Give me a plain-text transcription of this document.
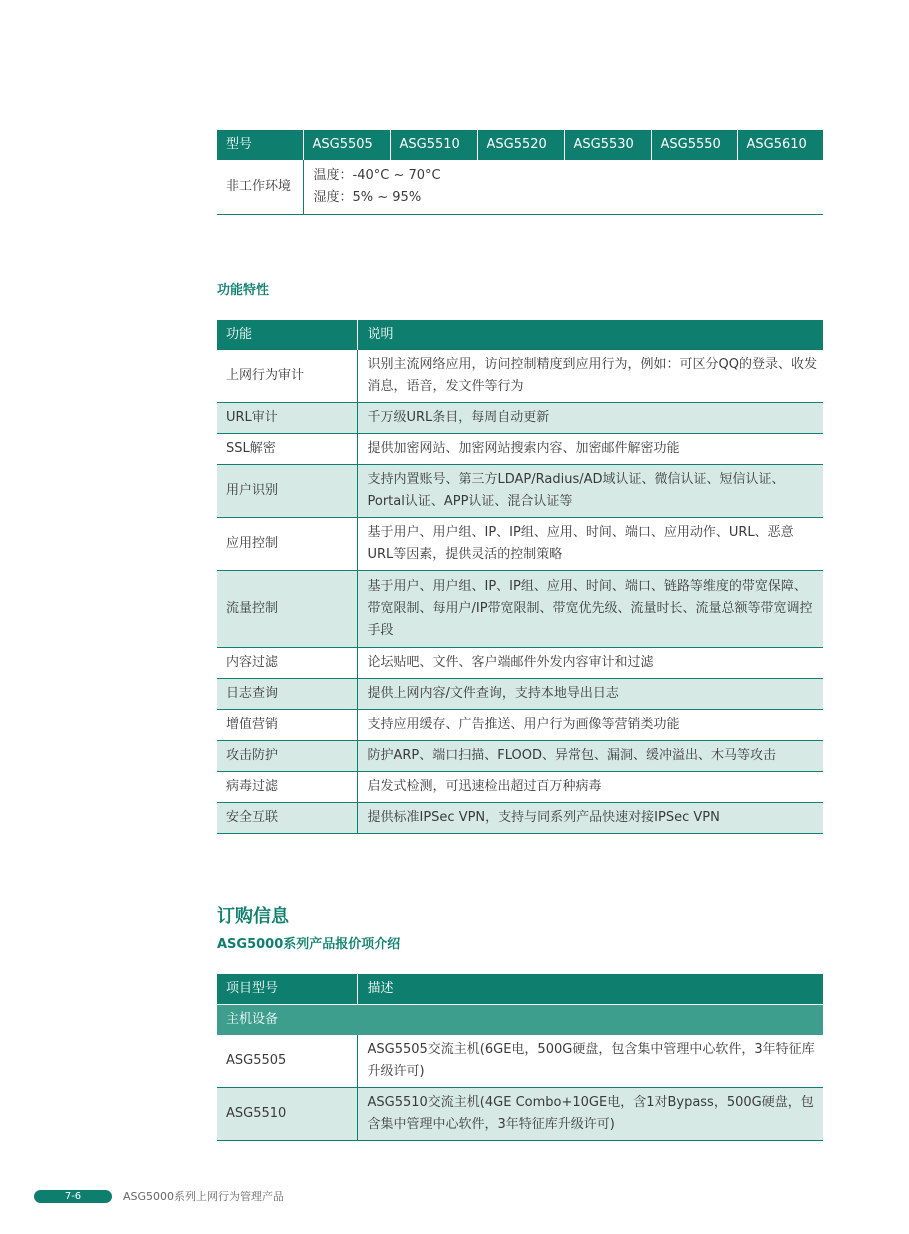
型号	ASG5505	ASG5510	ASG5520	ASG5530	ASG5550	ASG5610
非工作环境	温度：-40°C ~ 70°C
湿度：5% ~ 95%					
功能特性
功能	说明
上网行为审计	识别主流网络应用，访问控制精度到应用行为，例如：可区分QQ的登录、收发消息，语音，发文件等行为
URL审计	千万级URL条目，每周自动更新
SSL解密	提供加密网站、加密网站搜索内容、加密邮件解密功能
用户识别	支持内置账号、第三方LDAP/Radius/AD域认证、微信认证、短信认证、Portal认证、APP认证、混合认证等
应用控制	基于用户、用户组、IP、IP组、应用、时间、端口、应用动作、URL、恶意URL等因素，提供灵活的控制策略
流量控制	基于用户、用户组、IP、IP组、应用、时间、端口、链路等维度的带宽保障、带宽限制、每用户/IP带宽限制、带宽优先级、流量时长、流量总额等带宽调控手段
内容过滤	论坛贴吧、文件、客户端邮件外发内容审计和过滤
日志查询	提供上网内容/文件查询，支持本地导出日志
增值营销	支持应用缓存、广告推送、用户行为画像等营销类功能
攻击防护	防护ARP、端口扫描、FLOOD、异常包、漏洞、缓冲溢出、木马等攻击
病毒过滤	启发式检测，可迅速检出超过百万种病毒
安全互联	提供标准IPSec VPN，支持与同系列产品快速对接IPSec VPN
订购信息
ASG5000系列产品报价项介绍
项目型号	描述
主机设备	
ASG5505	ASG5505交流主机(6GE电，500G硬盘，包含集中管理中心软件，3年特征库升级许可)
ASG5510	ASG5510交流主机(4GE Combo+10GE电，含1对Bypass，500G硬盘，包含集中管理中心软件，3年特征库升级许可)
7-6	ASG5000系列上网行为管理产品
